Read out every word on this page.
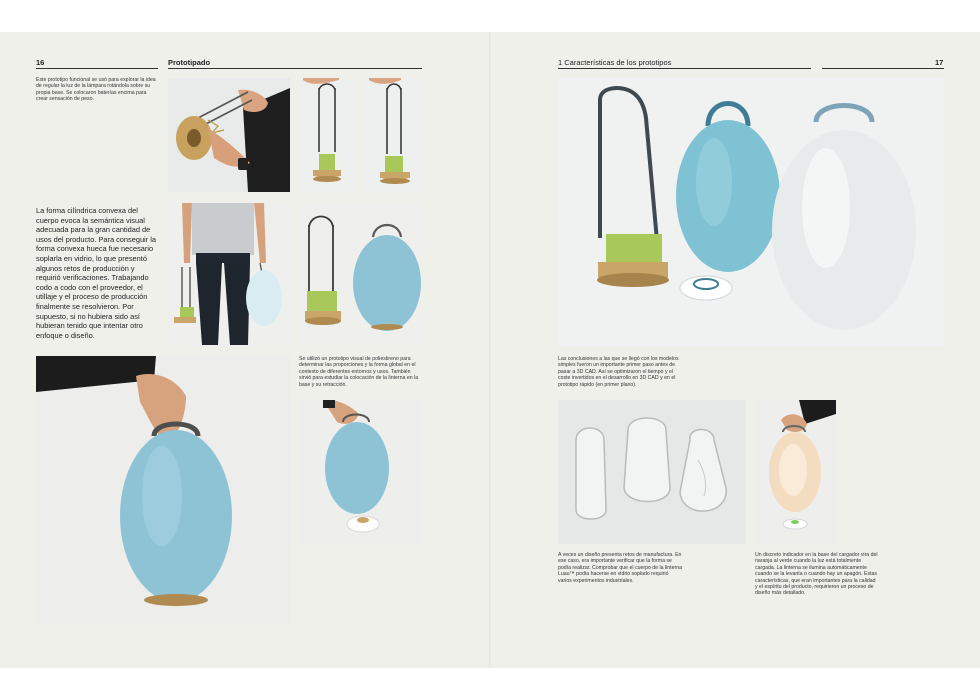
16	Prototipado
Este prototipo funcional se usó para explorar la idea de regular la luz de la lámpara rotándola sobre su propia base. Se colocaron baterías encima para crear sensación de peso.
La forma cilíndrica convexa del cuerpo evoca la semántica visual adecuada para la gran cantidad de usos del producto. Para conseguir la forma convexa hueca fue necesario soplarla en vidrio, lo que presentó algunos retos de producción y requirió verificaciones. Trabajando codo a codo con el proveedor, el utillaje y el proceso de producción finalmente se resolvieron. Por supuesto, si no hubiera sido así hubieran tenido que intentar otro enfoque o diseño.
Se utilizó un prototipo visual de poliestireno para determinar las proporciones y la forma global en el contexto de diferentes entornos y usos. También sirvió para estudiar la colocación de la linterna en la base y su retracción.
1 Características de los prototipos	17
Las conclusiones a las que se llegó con los modelos simples fueron un importante primer paso antes de pasar a 3D CAD. Así se optimizaron el tiempo y el coste invertidos en el desarrollo en 3D CAD y en el prototipo rápido (en primer plano).
A veces un diseño presenta retos de manufactura. En ese caso, era importante verificar que la forma se podía realizar. Comprobar que el cuerpo de la linterna Luau™ podía hacerse en vidrio soplado requirió varios experimentos industriales.
Un discreto indicador en la base del cargador vira del naranja al verde cuando la luz está totalmente cargada. La linterna se ilumina automáticamente cuando se la levanta o cuando hay un apagón. Estas características, que eran importantes para la calidad y el espíritu del producto, requirieron un proceso de diseño más detallado.
